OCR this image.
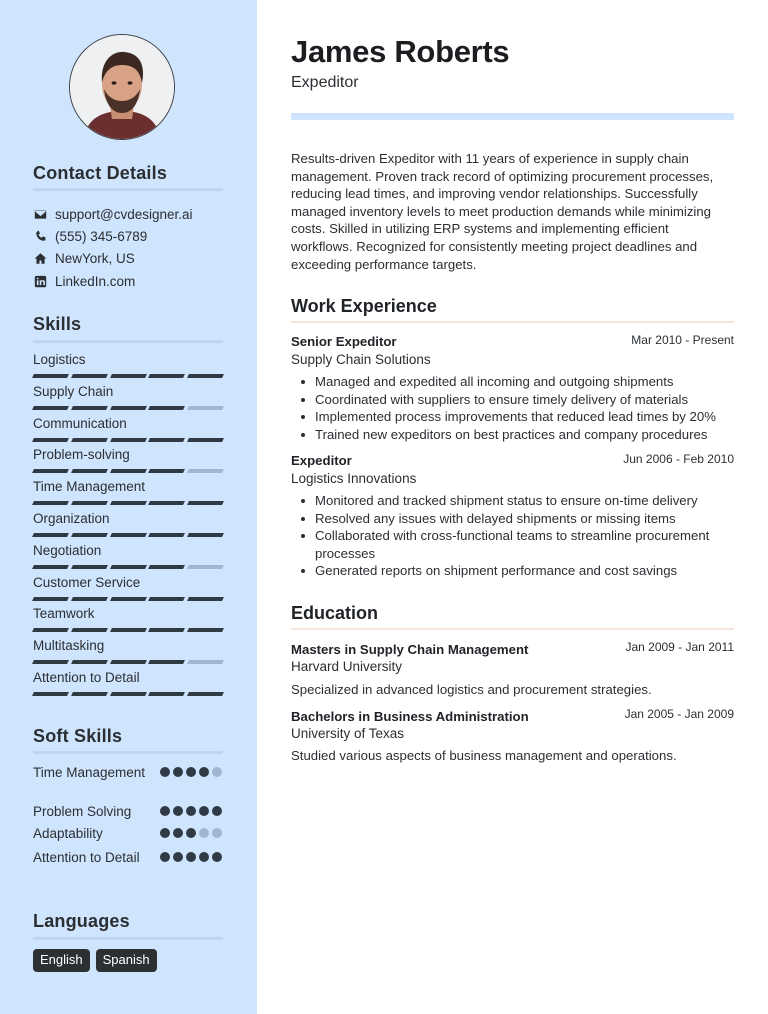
Contact Details
support@cvdesigner.ai
(555) 345-6789
NewYork, US
LinkedIn.com
Skills
Soft Skills
Languages
English	Spanish
Logistics
Supply Chain
Communication
Problem-solving
Time Management
Organization
Negotiation
Customer Service
Teamwork
Multitasking
Attention to Detail
Time Management
Problem Solving
Adaptability
Attention to Detail
James Roberts
Expeditor
Results-driven Expeditor with 11 years of experience in supply chain management. Proven track record of optimizing procurement processes, reducing lead times, and improving vendor relationships. Successfully managed inventory levels to meet production demands while minimizing costs. Skilled in utilizing ERP systems and implementing efficient workflows. Recognized for consistently meeting project deadlines and exceeding performance targets.
Work Experience
Senior Expeditor	Mar 2010 - Present
Supply Chain Solutions
Managed and expedited all incoming and outgoing shipments
Coordinated with suppliers to ensure timely delivery of materials
Implemented process improvements that reduced lead times by 20%
Trained new expeditors on best practices and company procedures
Expeditor	Jun 2006 - Feb 2010
Logistics Innovations
Monitored and tracked shipment status to ensure on-time delivery
Resolved any issues with delayed shipments or missing items
Collaborated with cross-functional teams to streamline procurement processes
Generated reports on shipment performance and cost savings
Education
Masters in Supply Chain Management	Jan 2009 - Jan 2011
Harvard University
Specialized in advanced logistics and procurement strategies.
Bachelors in Business Administration	Jan 2005 - Jan 2009
University of Texas
Studied various aspects of business management and operations.
